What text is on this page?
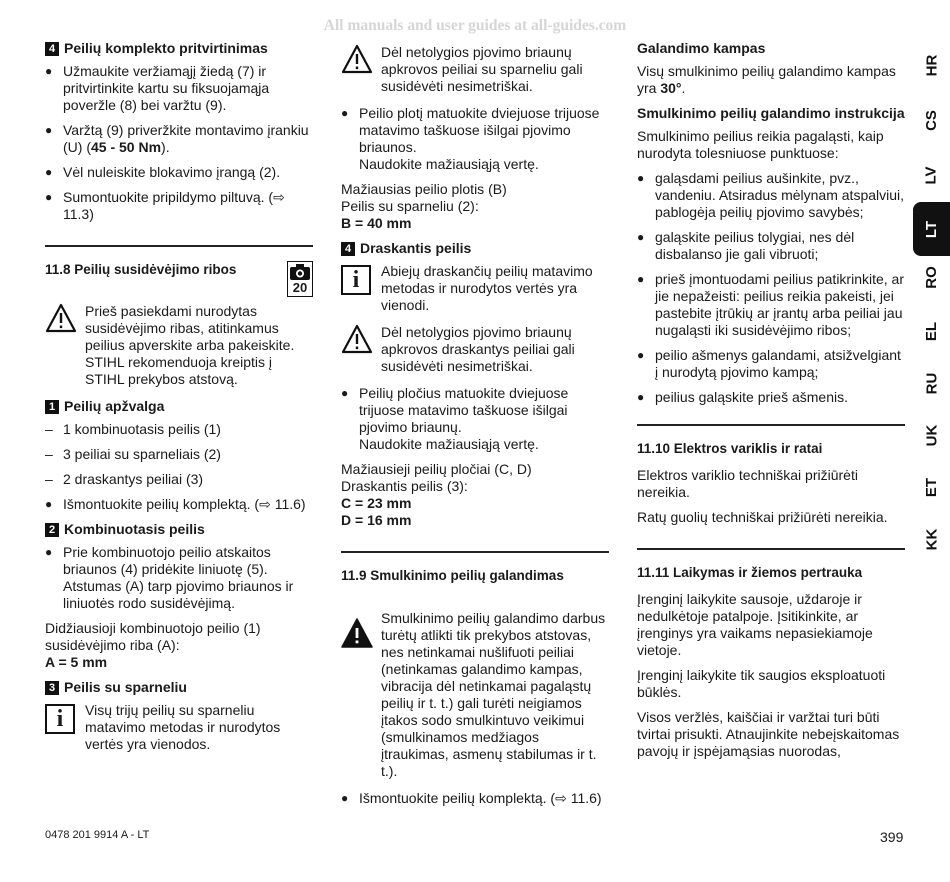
All manuals and user guides at all-guides.com
4 Peilių komplekto pritvirtinimas
● Užmaukite veržiamąjį žiedą (7) ir pritvirtinkite kartu su fiksuojamąja poveržle (8) bei varžtu (9).
● Varžtą (9) priveržkite montavimo įrankiu (U) (45 - 50 Nm).
● Vėl nuleiskite blokavimo įrangą (2).
● Sumontuokite pripildymo piltuvą. (⇨ 11.3)
11.8 Peilių susidėvėjimo ribos
20
Prieš pasiekdami nurodytas susidėvėjimo ribas, atitinkamus peilius apverskite arba pakeiskite. STIHL rekomenduoja kreiptis į STIHL prekybos atstovą.
1 Peilių apžvalga
– 1 kombinuotasis peilis (1)
– 3 peiliai su sparneliais (2)
– 2 draskantys peiliai (3)
● Išmontuokite peilių komplektą. (⇨ 11.6)
2 Kombinuotasis peilis
● Prie kombinuotojo peilio atskaitos briaunos (4) pridėkite liniuotę (5). Atstumas (A) tarp pjovimo briaunos ir liniuotės rodo susidėvėjimą.

Didžiausioji kombinuotojo peilio (1) susidėvėjimo riba (A):
A = 5 mm

3 Peilis su sparneliu
i Visų trijų peilių su sparneliu matavimo metodas ir nurodytos vertės yra vienodos.
Dėl netolygios pjovimo briaunų apkrovos peiliai su sparneliu gali susidėvėti nesimetriškai.
● Peilio plotį matuokite dviejuose trijuose matavimo taškuose išilgai pjovimo briaunos.
Naudokite mažiausiąją vertę.

Mažiausias peilio plotis (B)
Peilis su sparneliu (2):
B = 40 mm

4 Draskantis peilis
i Abiejų draskančių peilių matavimo metodas ir nurodytos vertės yra vienodi.
Dėl netolygios pjovimo briaunų apkrovos draskantys peiliai gali susidėvėti nesimetriškai.
● Peilių pločius matuokite dviejuose trijuose matavimo taškuose išilgai pjovimo briaunų.
Naudokite mažiausiąją vertę.

Mažiausieji peilių pločiai (C, D)
Draskantis peilis (3):
C = 23 mm
D = 16 mm

11.9 Smulkinimo peilių galandimas
Smulkinimo peilių galandimo darbus turėtų atlikti tik prekybos atstovas, nes netinkamai nušlifuoti peiliai (netinkamas galandimo kampas, vibracija dėl netinkamai pagaląstų peilių ir t. t.) gali turėti neigiamos įtakos sodo smulkintuvo veikimui (smulkinamos medžiagos įtraukimas, asmenų stabilumas ir t. t.).
● Išmontuokite peilių komplektą. (⇨ 11.6)
Galandimo kampas

Visų smulkinimo peilių galandimo kampas yra 30°.

Smulkinimo peilių galandimo instrukcija

Smulkinimo peilius reikia pagaląsti, kaip nurodyta tolesniuose punktuose:

● galąsdami peilius aušinkite, pvz., vandeniu. Atsiradus mėlynam atspalviui, pablogėja peilių pjovimo savybės;
● galąskite peilius tolygiai, nes dėl disbalanso jie gali vibruoti;
● prieš įmontuodami peilius patikrinkite, ar jie nepažeisti: peilius reikia pakeisti, jei pastebite įtrūkių ar įrantų arba peiliai jau nugaląsti iki susidėvėjimo ribos;
● peilio ašmenys galandami, atsižvelgiant į nurodytą pjovimo kampą;
● peilius galąskite prieš ašmenis.
11.10 Elektros variklis ir ratai

Elektros variklio techniškai prižiūrėti nereikia.

Ratų guolių techniškai prižiūrėti nereikia.

11.11 Laikymas ir žiemos pertrauka

Įrenginį laikykite sausoje, uždaroje ir nedulkėtoje patalpoje. Įsitikinkite, ar įrenginys yra vaikams nepasiekiamoje vietoje.

Įrenginį laikykite tik saugios eksploatuoti būklės.

Visos veržlės, kaiščiai ir varžtai turi būti tvirtai prisukti. Atnaujinkite nebeįskaitomas pavojų ir įspėjamąsias nuorodas,

HR
CS
LV
LT
RO
EL
RU
UK
ET
KK
0478 201 9914 A - LT	399
